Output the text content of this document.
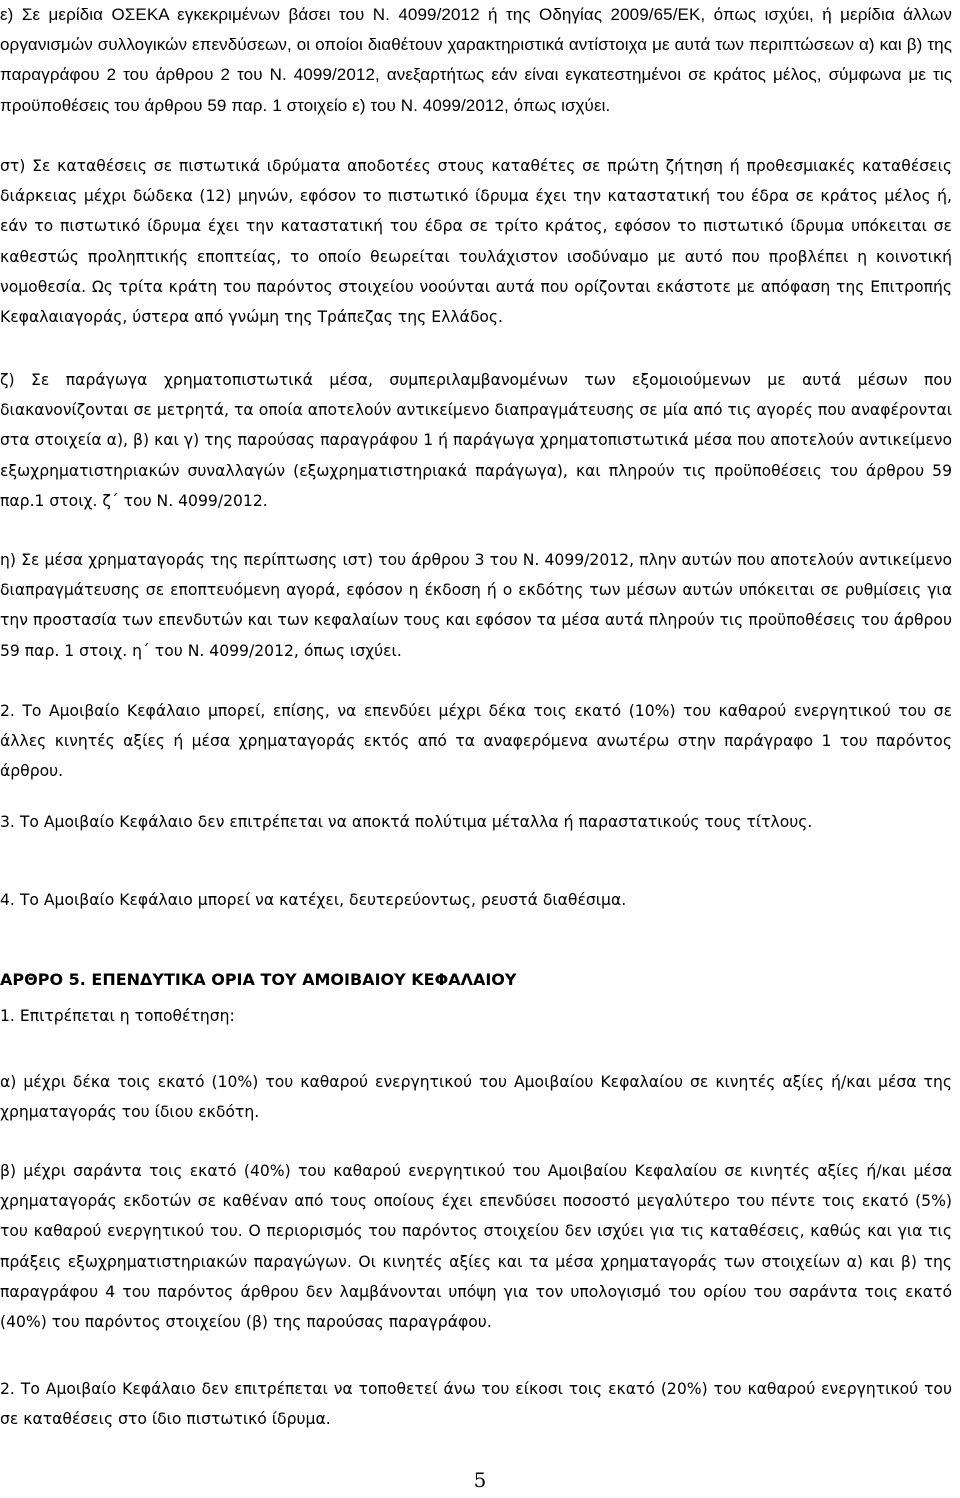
ε) Σε μερίδια ΟΣΕΚΑ εγκεκριμένων βάσει του Ν. 4099/2012 ή της Οδηγίας 2009/65/ΕΚ, όπως ισχύει, ή μερίδια άλλων οργανισμών συλλογικών επενδύσεων, οι οποίοι διαθέτουν χαρακτηριστικά αντίστοιχα με αυτά των περιπτώσεων α) και β) της παραγράφου 2 του άρθρου 2 του Ν. 4099/2012, ανεξαρτήτως εάν είναι εγκατεστημένοι σε κράτος μέλος, σύμφωνα με τις προϋποθέσεις του άρθρου 59 παρ. 1 στοιχείο ε) του Ν. 4099/2012, όπως ισχύει.

στ) Σε καταθέσεις σε πιστωτικά ιδρύματα αποδοτέες στους καταθέτες σε πρώτη ζήτηση ή προθεσμιακές καταθέσεις διάρκειας μέχρι δώδεκα (12) μηνών, εφόσον το πιστωτικό ίδρυμα έχει την καταστατική του έδρα σε κράτος μέλος ή, εάν το πιστωτικό ίδρυμα έχει την καταστατική του έδρα σε τρίτο κράτος, εφόσον το πιστωτικό ίδρυμα υπόκειται σε καθεστώς προληπτικής εποπτείας, το οποίο θεωρείται τουλάχιστον ισοδύναμο με αυτό που προβλέπει η κοινοτική νομοθεσία. Ως τρίτα κράτη του παρόντος στοιχείου νοούνται αυτά που ορίζονται εκάστοτε με απόφαση της Επιτροπής Κεφαλαιαγοράς, ύστερα από γνώμη της Τράπεζας της Ελλάδος.

ζ) Σε παράγωγα χρηματοπιστωτικά μέσα, συμπεριλαμβανομένων των εξομοιούμενων με αυτά μέσων που διακανονίζονται σε μετρητά, τα οποία αποτελούν αντικείμενο διαπραγμάτευσης σε μία από τις αγορές που αναφέρονται στα στοιχεία α), β) και γ) της παρούσας παραγράφου 1 ή παράγωγα χρηματοπιστωτικά μέσα που αποτελούν αντικείμενο εξωχρηματιστηριακών συναλλαγών (εξωχρηματιστηριακά παράγωγα), και πληρούν τις προϋποθέσεις του άρθρου 59 παρ.1 στοιχ. ζ΄ του Ν. 4099/2012.

η) Σε μέσα χρηματαγοράς της περίπτωσης ιστ) του άρθρου 3 του Ν. 4099/2012, πλην αυτών που αποτελούν αντικείμενο διαπραγμάτευσης σε εποπτευόμενη αγορά, εφόσον η έκδοση ή ο εκδότης των μέσων αυτών υπόκειται σε ρυθμίσεις για την προστασία των επενδυτών και των κεφαλαίων τους και εφόσον τα μέσα αυτά πληρούν τις προϋποθέσεις του άρθρου 59 παρ. 1 στοιχ. η΄ του Ν. 4099/2012, όπως ισχύει.

2. Το Αμοιβαίο Κεφάλαιο μπορεί, επίσης, να επενδύει μέχρι δέκα τοις εκατό (10%) του καθαρού ενεργητικού του σε άλλες κινητές αξίες ή μέσα χρηματαγοράς εκτός από τα αναφερόμενα ανωτέρω στην παράγραφο 1 του παρόντος άρθρου.

3. Το Αμοιβαίο Κεφάλαιο δεν επιτρέπεται να αποκτά πολύτιμα μέταλλα ή παραστατικούς τους τίτλους.

4. Το Αμοιβαίο Κεφάλαιο μπορεί να κατέχει, δευτερεύοντως, ρευστά διαθέσιμα.

ΑΡΘΡΟ 5. ΕΠΕΝΔΥΤΙΚΑ ΟΡΙΑ ΤΟΥ ΑΜΟΙΒΑΙΟΥ ΚΕΦΑΛΑΙΟΥ

1. Επιτρέπεται η τοποθέτηση:

α) μέχρι δέκα τοις εκατό (10%) του καθαρού ενεργητικού του Αμοιβαίου Κεφαλαίου σε κινητές αξίες ή/και μέσα της χρηματαγοράς του ίδιου εκδότη.

β) μέχρι σαράντα τοις εκατό (40%) του καθαρού ενεργητικού του Αμοιβαίου Κεφαλαίου σε κινητές αξίες ή/και μέσα χρηματαγοράς εκδοτών σε καθέναν από τους οποίους έχει επενδύσει ποσοστό μεγαλύτερο του πέντε τοις εκατό (5%) του καθαρού ενεργητικού του. Ο περιορισμός του παρόντος στοιχείου δεν ισχύει για τις καταθέσεις, καθώς και για τις πράξεις εξωχρηματιστηριακών παραγώγων. Οι κινητές αξίες και τα μέσα χρηματαγοράς των στοιχείων α) και β) της παραγράφου 4 του παρόντος άρθρου δεν λαμβάνονται υπόψη για τον υπολογισμό του ορίου του σαράντα τοις εκατό (40%) του παρόντος στοιχείου (β) της παρούσας παραγράφου.

2. Το Αμοιβαίο Κεφάλαιο δεν επιτρέπεται να τοποθετεί άνω του είκοσι τοις εκατό (20%) του καθαρού ενεργητικού του σε καταθέσεις στο ίδιο πιστωτικό ίδρυμα.

5
